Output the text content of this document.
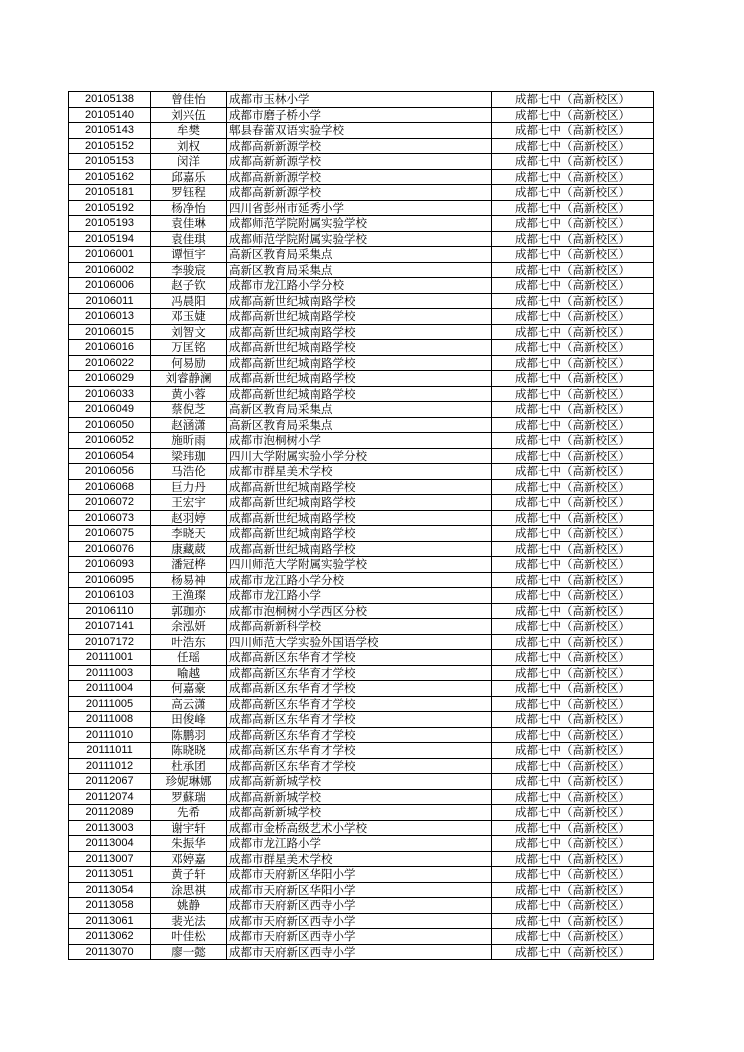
20105138	曾佳怡	成都市玉林小学	成都七中（高新校区）
20105140	刘兴伍	成都市磨子桥小学	成都七中（高新校区）
20105143	牟樊	郫县春蕾双语实验学校	成都七中（高新校区）
20105152	刘权	成都高新新源学校	成都七中（高新校区）
20105153	闵洋	成都高新新源学校	成都七中（高新校区）
20105162	邱嘉乐	成都高新新源学校	成都七中（高新校区）
20105181	罗钰程	成都高新新源学校	成都七中（高新校区）
20105192	杨净怡	四川省彭州市延秀小学	成都七中（高新校区）
20105193	袁佳琳	成都师范学院附属实验学校	成都七中（高新校区）
20105194	袁佳琪	成都师范学院附属实验学校	成都七中（高新校区）
20106001	谭恒宇	高新区教育局采集点	成都七中（高新校区）
20106002	李骏宸	高新区教育局采集点	成都七中（高新校区）
20106006	赵子钦	成都市龙江路小学分校	成都七中（高新校区）
20106011	冯晨阳	成都高新世纪城南路学校	成都七中（高新校区）
20106013	邓玉婕	成都高新世纪城南路学校	成都七中（高新校区）
20106015	刘智文	成都高新世纪城南路学校	成都七中（高新校区）
20106016	万匡铭	成都高新世纪城南路学校	成都七中（高新校区）
20106022	何易励	成都高新世纪城南路学校	成都七中（高新校区）
20106029	刘睿静澜	成都高新世纪城南路学校	成都七中（高新校区）
20106033	黄小蓉	成都高新世纪城南路学校	成都七中（高新校区）
20106049	蔡倪芝	高新区教育局采集点	成都七中（高新校区）
20106050	赵涵潇	高新区教育局采集点	成都七中（高新校区）
20106052	施昕雨	成都市泡桐树小学	成都七中（高新校区）
20106054	梁玮珈	四川大学附属实验小学分校	成都七中（高新校区）
20106056	马浩伦	成都市群星美术学校	成都七中（高新校区）
20106068	巨力丹	成都高新世纪城南路学校	成都七中（高新校区）
20106072	王宏宇	成都高新世纪城南路学校	成都七中（高新校区）
20106073	赵羽婷	成都高新世纪城南路学校	成都七中（高新校区）
20106075	李晓天	成都高新世纪城南路学校	成都七中（高新校区）
20106076	康藏葳	成都高新世纪城南路学校	成都七中（高新校区）
20106093	潘冠桦	四川师范大学附属实验学校	成都七中（高新校区）
20106095	杨易神	成都市龙江路小学分校	成都七中（高新校区）
20106103	王渔璨	成都市龙江路小学	成都七中（高新校区）
20106110	郭珈亦	成都市泡桐树小学西区分校	成都七中（高新校区）
20107141	余泓妍	成都高新新科学校	成都七中（高新校区）
20107172	叶浩东	四川师范大学实验外国语学校	成都七中（高新校区）
20111001	任瑶	成都高新区东华育才学校	成都七中（高新校区）
20111003	喻越	成都高新区东华育才学校	成都七中（高新校区）
20111004	何嘉豪	成都高新区东华育才学校	成都七中（高新校区）
20111005	高云潇	成都高新区东华育才学校	成都七中（高新校区）
20111008	田俊峰	成都高新区东华育才学校	成都七中（高新校区）
20111010	陈鹏羽	成都高新区东华育才学校	成都七中（高新校区）
20111011	陈晓晓	成都高新区东华育才学校	成都七中（高新校区）
20111012	杜承团	成都高新区东华育才学校	成都七中（高新校区）
20112067	珍妮琳娜	成都高新新城学校	成都七中（高新校区）
20112074	罗蘇瑞	成都高新新城学校	成都七中（高新校区）
20112089	先希	成都高新新城学校	成都七中（高新校区）
20113003	谢宇轩	成都市金桥高级艺术小学校	成都七中（高新校区）
20113004	朱振华	成都市龙江路小学	成都七中（高新校区）
20113007	邓婷嘉	成都市群星美术学校	成都七中（高新校区）
20113051	黄子轩	成都市天府新区华阳小学	成都七中（高新校区）
20113054	涂思祺	成都市天府新区华阳小学	成都七中（高新校区）
20113058	姚静	成都市天府新区西寺小学	成都七中（高新校区）
20113061	裴光法	成都市天府新区西寺小学	成都七中（高新校区）
20113062	叶佳松	成都市天府新区西寺小学	成都七中（高新校区）
20113070	廖一懿	成都市天府新区西寺小学	成都七中（高新校区）
